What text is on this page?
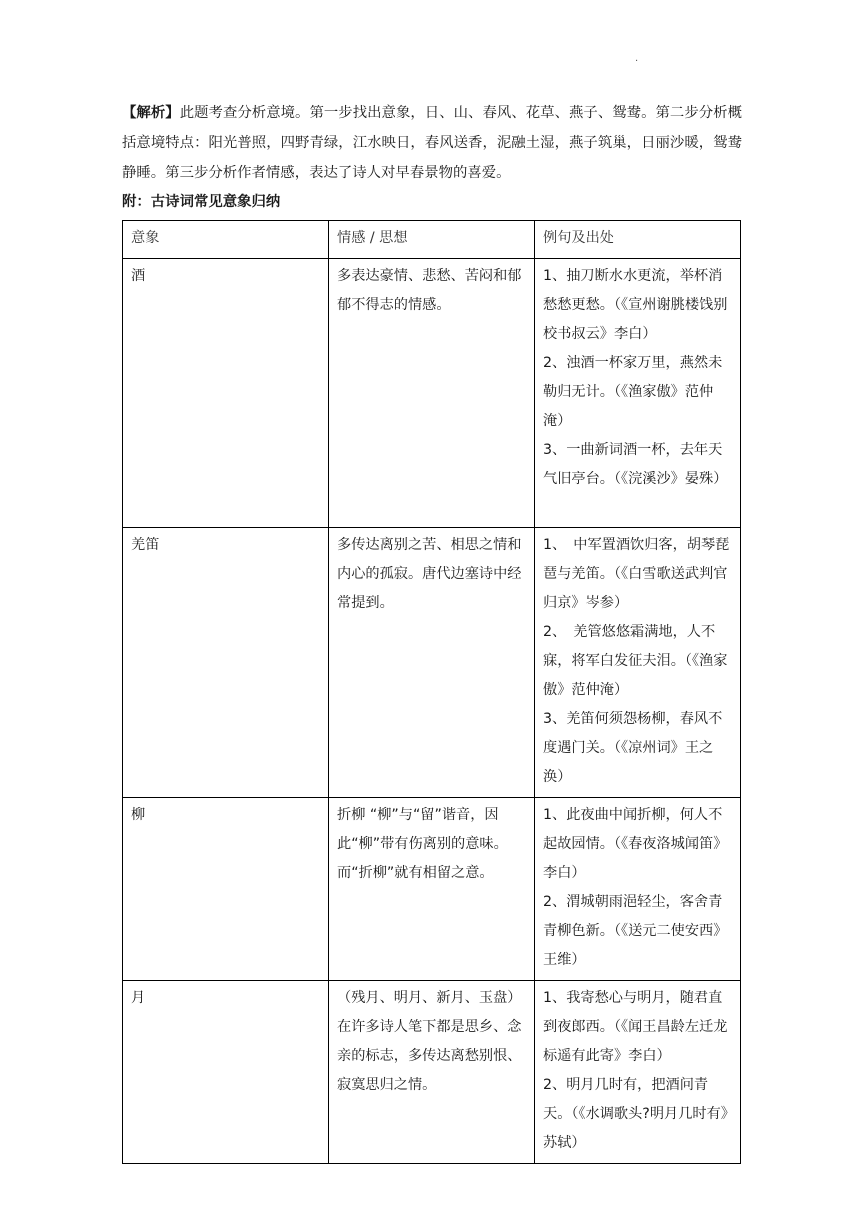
.

【解析】此题考查分析意境。第一步找出意象，日、山、春风、花草、燕子、鸳鸯。第二步分析概括意境特点：阳光普照，四野青绿，江水映日，春风送香，泥融土湿，燕子筑巢，日丽沙暖，鸳鸯静睡。第三步分析作者情感，表达了诗人对早春景物的喜爱。

附：古诗词常见意象归纳

意象	情感 / 思想	例句及出处
酒	多表达豪情、悲愁、苦闷和郁郁不得志的情感。	1、抽刀断水水更流，举杯消愁愁更愁。（《宣州谢朓楼饯别校书叔云》李白）
2、浊酒一杯家万里，燕然未勒归无计。（《渔家傲》范仲淹）
3、一曲新词酒一杯，去年天气旧亭台。（《浣溪沙》晏殊）

羌笛	多传达离别之苦、相思之情和内心的孤寂。唐代边塞诗中经常提到。	1、　中军置酒饮归客，胡琴琵琶与羌笛。（《白雪歌送武判官归京》岑参）
2、　羌管悠悠霜满地，人不寐，将军白发征夫泪。（《渔家傲》范仲淹）
3、羌笛何须怨杨柳，春风不度遇门关。（《凉州词》王之涣）

柳	折柳 “柳”与“留”谐音，因此“柳”带有伤离别的意味。而“折柳”就有相留之意。	1、此夜曲中闻折柳，何人不起故园情。（《春夜洛城闻笛》李白）
2、渭城朝雨浥轻尘，客舍青青柳色新。（《送元二使安西》王维）

月	（残月、明月、新月、玉盘）在许多诗人笔下都是思乡、念亲的标志，多传达离愁别恨、寂寞思归之情。	1、我寄愁心与明月，随君直到夜郎西。（《闻王昌龄左迁龙标遥有此寄》李白）
2、明月几时有，把酒问青天。（《水调歌头?明月几时有》苏轼）
